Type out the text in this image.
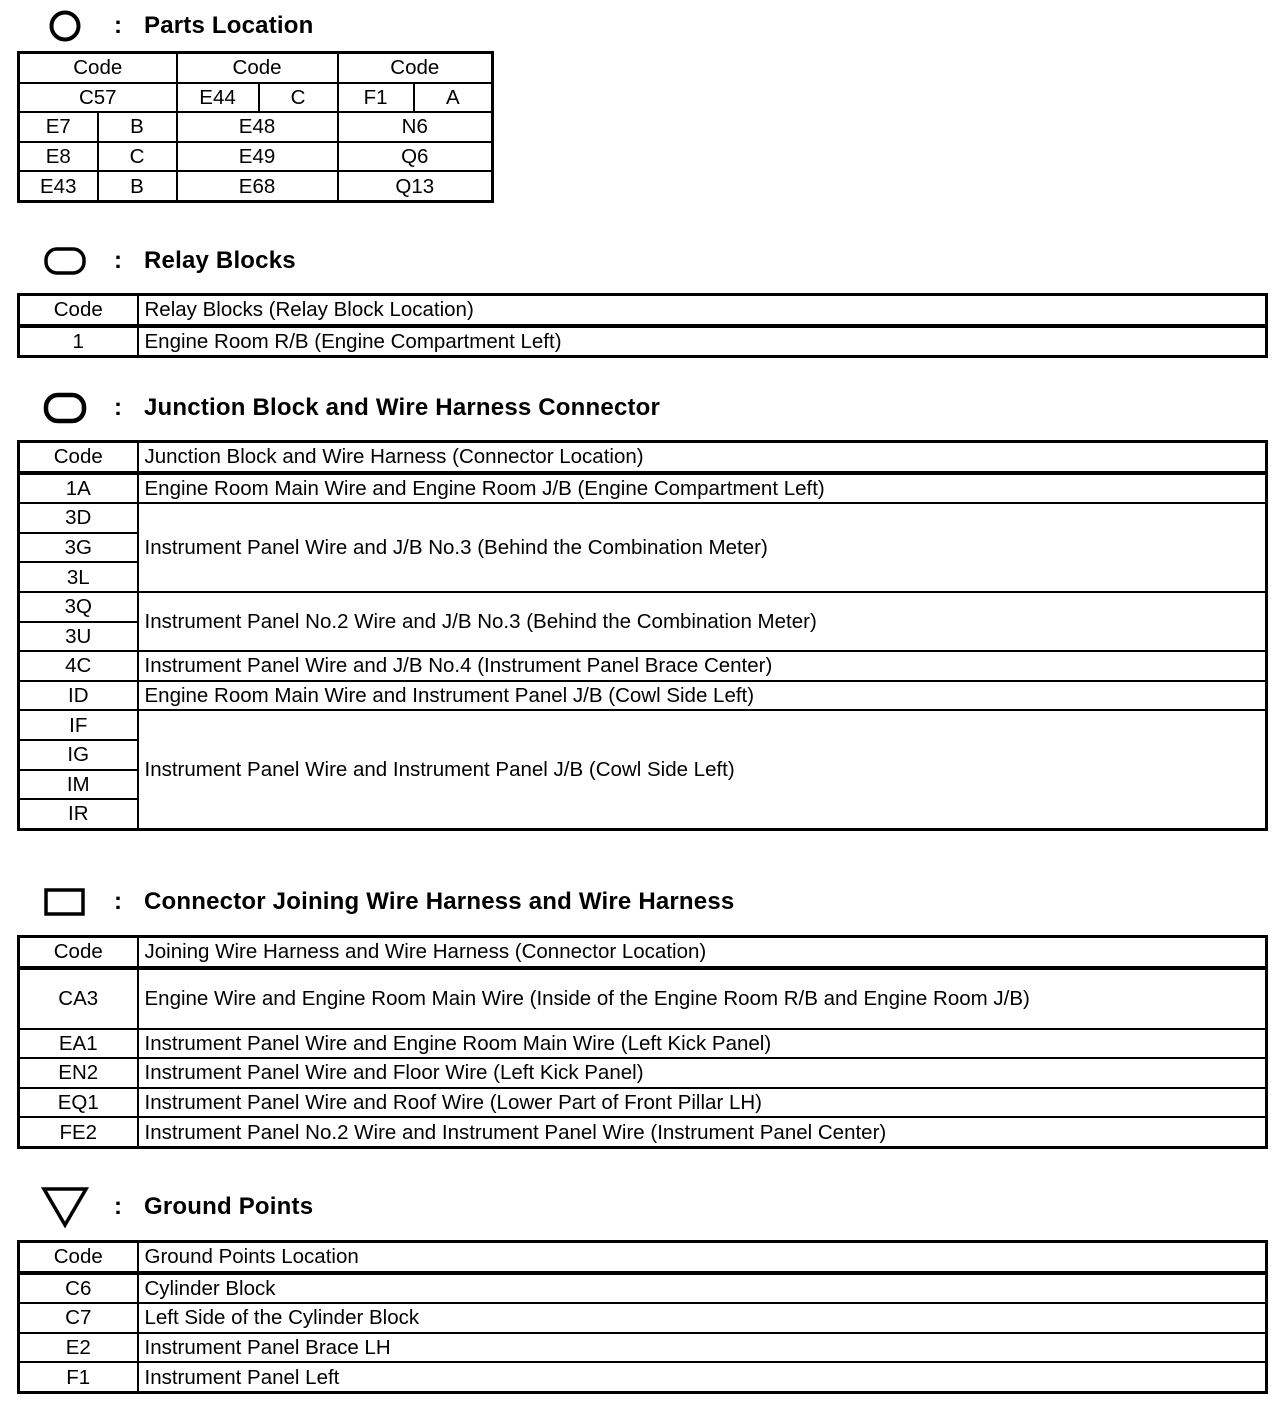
: Parts Location
Code		Code		Code	
C57		E44	C	F1	A
E7	B	E48		N6	
E8	C	E49		Q6	
E43	B	E68		Q13	
: Relay Blocks
Code	Relay Blocks (Relay Block Location)
1	Engine Room R/B (Engine Compartment Left)
: Junction Block and Wire Harness Connector
Code	Junction Block and Wire Harness (Connector Location)
1A	Engine Room Main Wire and Engine Room J/B (Engine Compartment Left)
3D	Instrument Panel Wire and J/B No.3 (Behind the Combination Meter)
3G	
3L	
3Q	Instrument Panel No.2 Wire and J/B No.3 (Behind the Combination Meter)
3U	
4C	Instrument Panel Wire and J/B No.4 (Instrument Panel Brace Center)
ID	Engine Room Main Wire and Instrument Panel J/B (Cowl Side Left)
IF	Instrument Panel Wire and Instrument Panel J/B (Cowl Side Left)
IG	
IM	
IR	
: Connector Joining Wire Harness and Wire Harness
Code	Joining Wire Harness and Wire Harness (Connector Location)
CA3	Engine Wire and Engine Room Main Wire (Inside of the Engine Room R/B and Engine Room J/B)
EA1	Instrument Panel Wire and Engine Room Main Wire (Left Kick Panel)
EN2	Instrument Panel Wire and Floor Wire (Left Kick Panel)
EQ1	Instrument Panel Wire and Roof Wire (Lower Part of Front Pillar LH)
FE2	Instrument Panel No.2 Wire and Instrument Panel Wire (Instrument Panel Center)
: Ground Points
Code	Ground Points Location
C6	Cylinder Block
C7	Left Side of the Cylinder Block
E2	Instrument Panel Brace LH
F1	Instrument Panel Left
